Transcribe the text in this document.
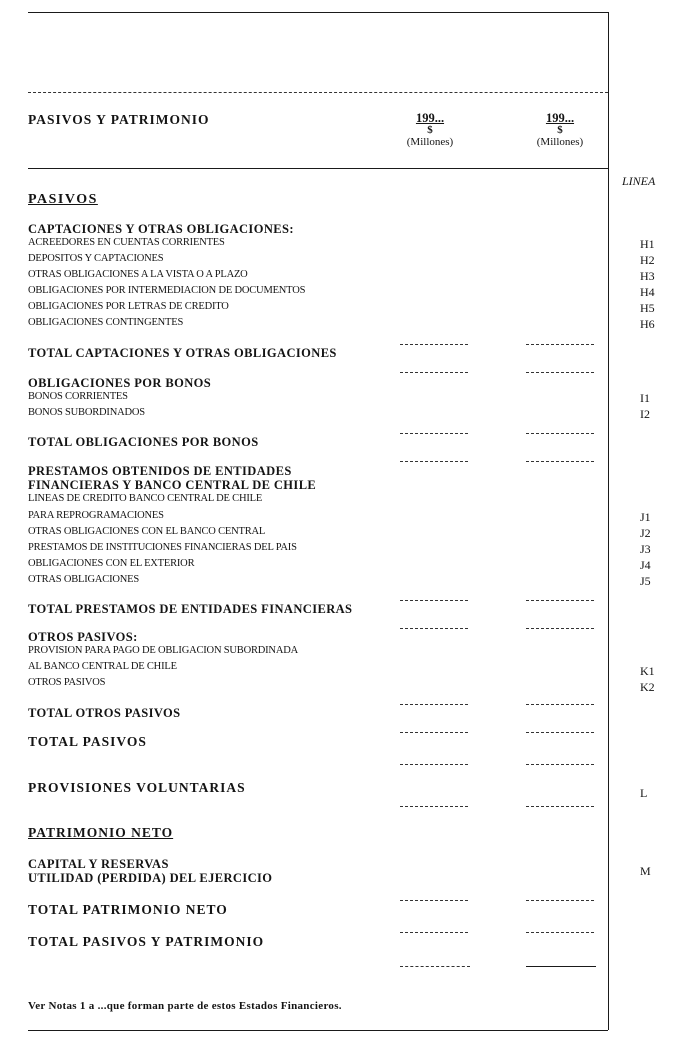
PASIVOS Y PATRIMONIO	199...
$
(Millones)
199...
$
(Millones)
LINEA
PASIVOS
CAPTACIONES Y OTRAS OBLIGACIONES:
ACREEDORES EN CUENTAS CORRIENTES	H1
DEPOSITOS Y CAPTACIONES	H2
OTRAS OBLIGACIONES A LA VISTA O A PLAZO	H3
OBLIGACIONES POR INTERMEDIACION DE DOCUMENTOS	H4
OBLIGACIONES POR LETRAS DE CREDITO	H5
OBLIGACIONES CONTINGENTES	H6
TOTAL CAPTACIONES Y OTRAS OBLIGACIONES
OBLIGACIONES POR BONOS
BONOS CORRIENTES	I1
BONOS SUBORDINADOS	I2
TOTAL OBLIGACIONES POR BONOS
PRESTAMOS OBTENIDOS DE ENTIDADES
FINANCIERAS Y BANCO CENTRAL DE CHILE
LINEAS DE CREDITO BANCO CENTRAL DE CHILE
PARA REPROGRAMACIONES	J1
OTRAS OBLIGACIONES CON EL BANCO CENTRAL	J2
PRESTAMOS DE INSTITUCIONES FINANCIERAS DEL PAIS	J3
OBLIGACIONES CON EL EXTERIOR	J4
OTRAS OBLIGACIONES	J5
TOTAL PRESTAMOS DE ENTIDADES FINANCIERAS
OTROS PASIVOS:
PROVISION PARA PAGO DE OBLIGACION SUBORDINADA
AL BANCO CENTRAL DE CHILE	K1
OTROS PASIVOS	K2
TOTAL OTROS PASIVOS
TOTAL PASIVOS
PROVISIONES VOLUNTARIAS	L
PATRIMONIO NETO
CAPITAL Y RESERVAS
UTILIDAD (PERDIDA) DEL EJERCICIO	M
TOTAL PATRIMONIO NETO
TOTAL PASIVOS Y PATRIMONIO
Ver Notas 1 a ...que forman parte de estos Estados Financieros.
